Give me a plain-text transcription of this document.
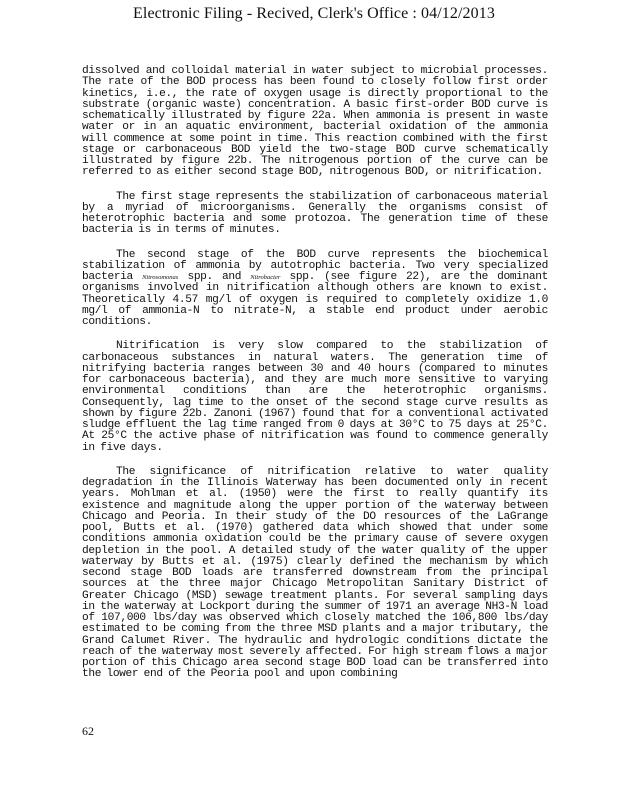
Electronic Filing - Recived, Clerk's Office : 04/12/2013

dissolved and colloidal material in water subject to microbial processes. The rate of the BOD process has been found to closely follow first order kinetics, i.e., the rate of oxygen usage is directly proportional to the substrate (organic waste) concentration. A basic first-order BOD curve is schematically illustrated by figure 22a. When ammonia is present in waste water or in an aquatic environment, bacterial oxidation of the ammonia will commence at some point in time. This reaction combined with the first stage or carbonaceous BOD yield the two-stage BOD curve schematically illustrated by figure 22b. The nitrogenous portion of the curve can be referred to as either second stage BOD, nitrogenous BOD, or nitrification.

The first stage represents the stabilization of carbonaceous material by a myriad of microorganisms. Generally the organisms consist of heterotrophic bacteria and some protozoa. The generation time of these bacteria is in terms of minutes.

The second stage of the BOD curve represents the biochemical stabilization of ammonia by autotrophic bacteria. Two very specialized bacteria Nitrosomonas spp. and Nitrobacter spp. (see figure 22), are the dominant organisms involved in nitrification although others are known to exist. Theoretically 4.57 mg/l of oxygen is required to completely oxidize 1.0 mg/l of ammonia-N to nitrate-N, a stable end product under aerobic conditions.

Nitrification is very slow compared to the stabilization of carbonaceous substances in natural waters. The generation time of nitrifying bacteria ranges between 30 and 40 hours (compared to minutes for carbonaceous bacteria), and they are much more sensitive to varying environmental conditions than are the heterotrophic organisms. Consequently, lag time to the onset of the second stage curve results as shown by figure 22b. Zanoni (1967) found that for a conventional activated sludge effluent the lag time ranged from 0 days at 30°C to 75 days at 25°C. At 25°C the active phase of nitrification was found to commence generally in five days.

The significance of nitrification relative to water quality degradation in the Illinois Waterway has been documented only in recent years. Mohlman et al. (1950) were the first to really quantify its existence and magnitude along the upper portion of the waterway between Chicago and Peoria. In their study of the DO resources of the LaGrange pool, Butts et al. (1970) gathered data which showed that under some conditions ammonia oxidation could be the primary cause of severe oxygen depletion in the pool. A detailed study of the water quality of the upper waterway by Butts et al. (1975) clearly defined the mechanism by which second stage BOD loads are transferred downstream from the principal sources at the three major Chicago Metropolitan Sanitary District of Greater Chicago (MSD) sewage treatment plants. For several sampling days in the waterway at Lockport during the summer of 1971 an average NH3-N load of 107,000 lbs/day was observed which closely matched the 106,800 lbs/day estimated to be coming from the three MSD plants and a major tributary, the Grand Calumet River. The hydraulic and hydrologic conditions dictate the reach of the waterway most severely affected. For high stream flows a major portion of this Chicago area second stage BOD load can be transferred into the lower end of the Peoria pool and upon combining

62
